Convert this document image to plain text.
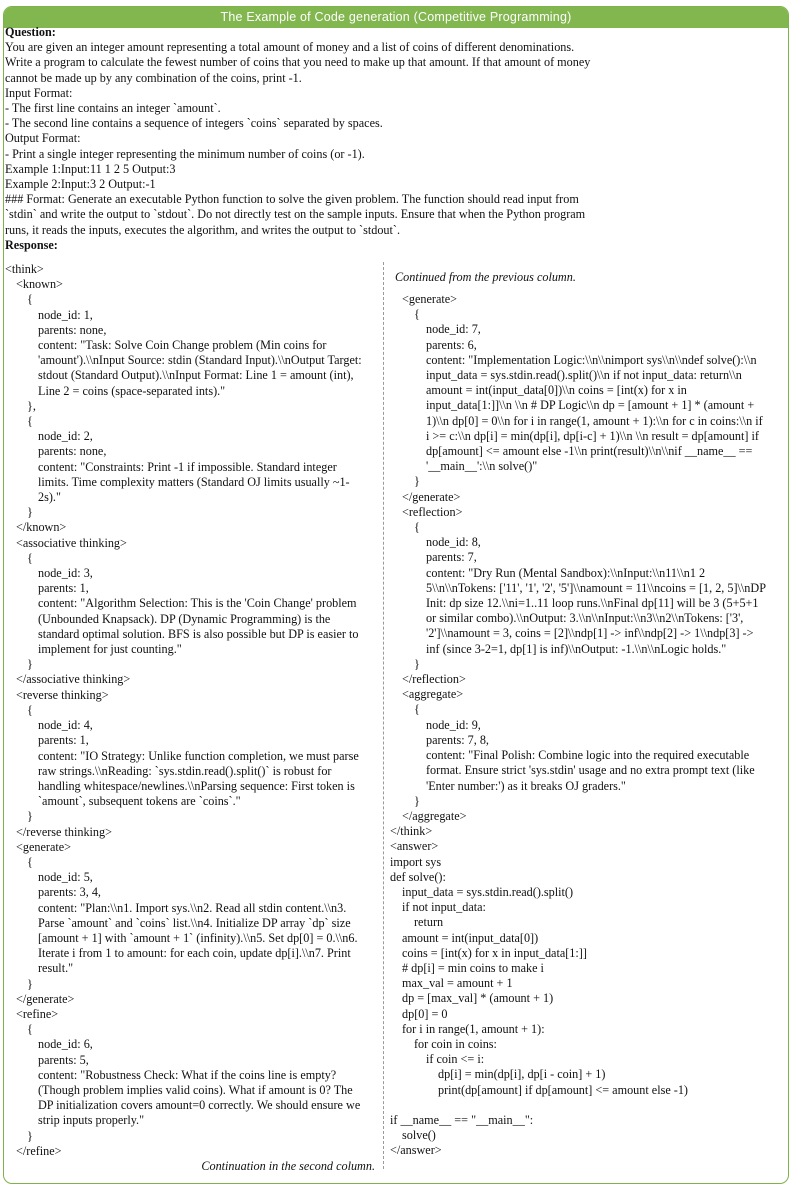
The Example of Code generation (Competitive Programming)
Question:
You are given an integer amount representing a total amount of money and a list of coins of different denominations.
Write a program to calculate the fewest number of coins that you need to make up that amount. If that amount of money
cannot be made up by any combination of the coins, print -1.
Input Format:
- The first line contains an integer `amount`.
- The second line contains a sequence of integers `coins` separated by spaces.
Output Format:
- Print a single integer representing the minimum number of coins (or -1).
Example 1:Input:11 1 2 5 Output:3
Example 2:Input:3 2 Output:-1
### Format: Generate an executable Python function to solve the given problem. The function should read input from
`stdin` and write the output to `stdout`. Do not directly test on the sample inputs. Ensure that when the Python program
runs, it reads the inputs, executes the algorithm, and writes the output to `stdout`.
Response:
<think>
<known>
{
node_id: 1,
parents: none,
content: "Task: Solve Coin Change problem (Min coins for
'amount').\\nInput Source: stdin (Standard Input).\\nOutput Target:
stdout (Standard Output).\\nInput Format: Line 1 = amount (int),
Line 2 = coins (space-separated ints)."
},
{
node_id: 2,
parents: none,
content: "Constraints: Print -1 if impossible. Standard integer
limits. Time complexity matters (Standard OJ limits usually ~1-
2s)."
}
</known>
<associative thinking>
{
node_id: 3,
parents: 1,
content: "Algorithm Selection: This is the 'Coin Change' problem
(Unbounded Knapsack). DP (Dynamic Programming) is the
standard optimal solution. BFS is also possible but DP is easier to
implement for just counting."
}
</associative thinking>
<reverse thinking>
{
node_id: 4,
parents: 1,
content: "IO Strategy: Unlike function completion, we must parse
raw strings.\\nReading: `sys.stdin.read().split()` is robust for
handling whitespace/newlines.\\nParsing sequence: First token is
`amount`, subsequent tokens are `coins`."
}
</reverse thinking>
<generate>
{
node_id: 5,
parents: 3, 4,
content: "Plan:\\n1. Import sys.\\n2. Read all stdin content.\\n3.
Parse `amount` and `coins` list.\\n4. Initialize DP array `dp` size
[amount + 1] with `amount + 1` (infinity).\\n5. Set dp[0] = 0.\\n6.
Iterate i from 1 to amount: for each coin, update dp[i].\\n7. Print
result."
}
</generate>
<refine>
{
node_id: 6,
parents: 5,
content: "Robustness Check: What if the coins line is empty?
(Though problem implies valid coins). What if amount is 0? The
DP initialization covers amount=0 correctly. We should ensure we
strip inputs properly."
}
</refine>
Continuation in the second column.
Continued from the previous column.
<generate>
{
node_id: 7,
parents: 6,
content: "Implementation Logic:\\n\\nimport sys\\n\\ndef solve():\\n
input_data = sys.stdin.read().split()\\n if not input_data: return\\n
amount = int(input_data[0])\\n coins = [int(x) for x in
input_data[1:]]\\n \\n # DP Logic\\n dp = [amount + 1] * (amount +
1)\\n dp[0] = 0\\n for i in range(1, amount + 1):\\n for c in coins:\\n if
i >= c:\\n dp[i] = min(dp[i], dp[i-c] + 1)\\n \\n result = dp[amount] if
dp[amount] <= amount else -1\\n print(result)\\n\\nif __name__ ==
'__main__':\\n solve()"
}
</generate>
<reflection>
{
node_id: 8,
parents: 7,
content: "Dry Run (Mental Sandbox):\\nInput:\\n11\\n1 2
5\\n\\nTokens: ['11', '1', '2', '5']\\namount = 11\\ncoins = [1, 2, 5]\\nDP
Init: dp size 12.\\ni=1..11 loop runs.\\nFinal dp[11] will be 3 (5+5+1
or similar combo).\\nOutput: 3.\\n\\nInput:\\n3\\n2\\nTokens: ['3',
'2']\\namount = 3, coins = [2]\\ndp[1] -> inf\\ndp[2] -> 1\\ndp[3] ->
inf (since 3-2=1, dp[1] is inf)\\nOutput: -1.\\n\\nLogic holds."
}
</reflection>
<aggregate>
{
node_id: 9,
parents: 7, 8,
content: "Final Polish: Combine logic into the required executable
format. Ensure strict 'sys.stdin' usage and no extra prompt text (like
'Enter number:') as it breaks OJ graders."
}
</aggregate>
</think>
<answer>
import sys
def solve():
input_data = sys.stdin.read().split()
if not input_data:
return
amount = int(input_data[0])
coins = [int(x) for x in input_data[1:]]
# dp[i] = min coins to make i
max_val = amount + 1
dp = [max_val] * (amount + 1)
dp[0] = 0
for i in range(1, amount + 1):
for coin in coins:
if coin <= i:
dp[i] = min(dp[i], dp[i - coin] + 1)
print(dp[amount] if dp[amount] <= amount else -1)

if __name__ == "__main__":
solve()
</answer>
